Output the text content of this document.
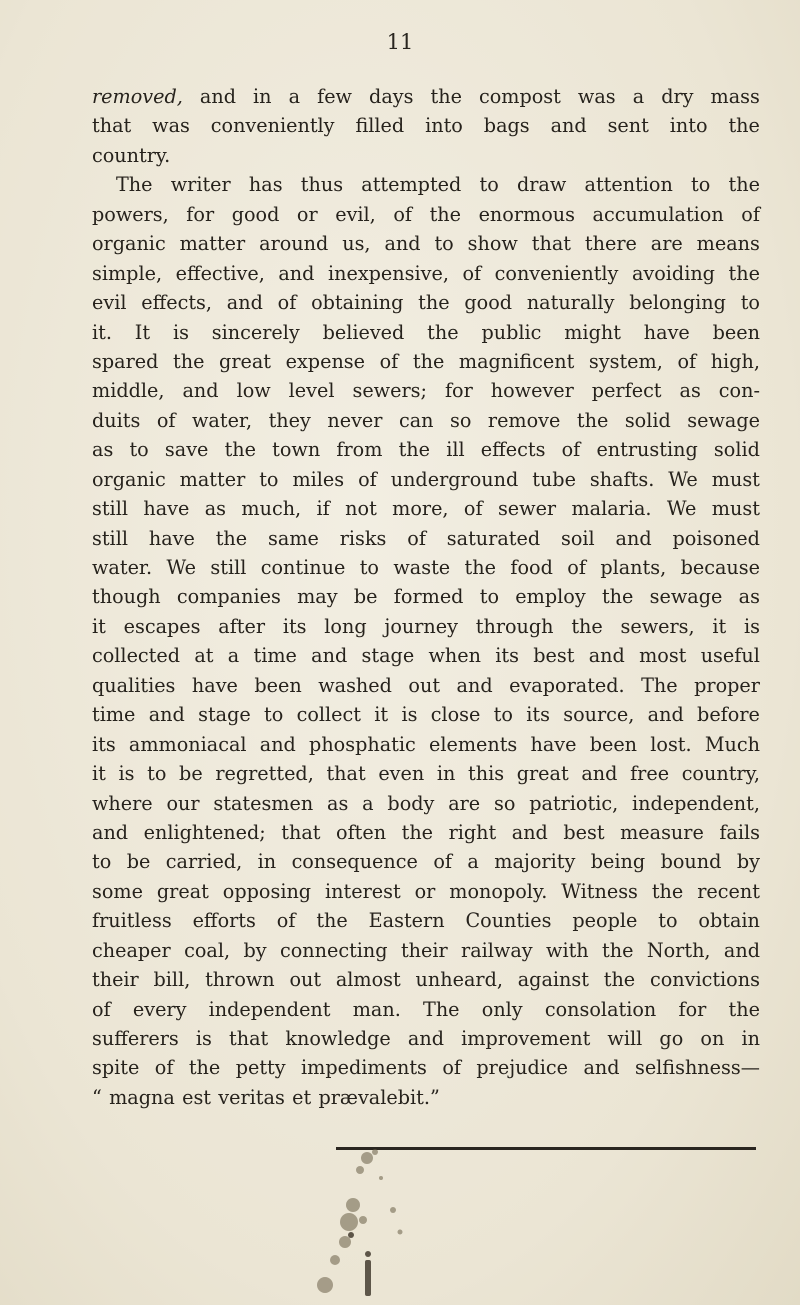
11
removed, and in a few days the compost was a dry mass
that was conveniently filled into bags and sent into the
country.
The writer has thus attempted to draw attention to the
powers, for good or evil, of the enormous accumulation of
organic matter around us, and to show that there are means
simple, effective, and inexpensive, of conveniently avoiding the
evil effects, and of obtaining the good naturally belonging to
it. It is sincerely believed the public might have been
spared the great expense of the magnificent system, of high,
middle, and low level sewers; for however perfect as con-
duits of water, they never can so remove the solid sewage
as to save the town from the ill effects of entrusting solid
organic matter to miles of underground tube shafts. We must
still have as much, if not more, of sewer malaria. We must
still have the same risks of saturated soil and poisoned
water. We still continue to waste the food of plants, because
though companies may be formed to employ the sewage as
it escapes after its long journey through the sewers, it is
collected at a time and stage when its best and most useful
qualities have been washed out and evaporated. The proper
time and stage to collect it is close to its source, and before
its ammoniacal and phosphatic elements have been lost. Much
it is to be regretted, that even in this great and free country,
where our statesmen as a body are so patriotic, independent,
and enlightened; that often the right and best measure fails
to be carried, in consequence of a majority being bound by
some great opposing interest or monopoly. Witness the recent
fruitless efforts of the Eastern Counties people to obtain
cheaper coal, by connecting their railway with the North, and
their bill, thrown out almost unheard, against the convictions
of every independent man. The only consolation for the
sufferers is that knowledge and improvement will go on in
spite of the petty impediments of prejudice and selfishness—
“ magna est veritas et prævalebit.”
